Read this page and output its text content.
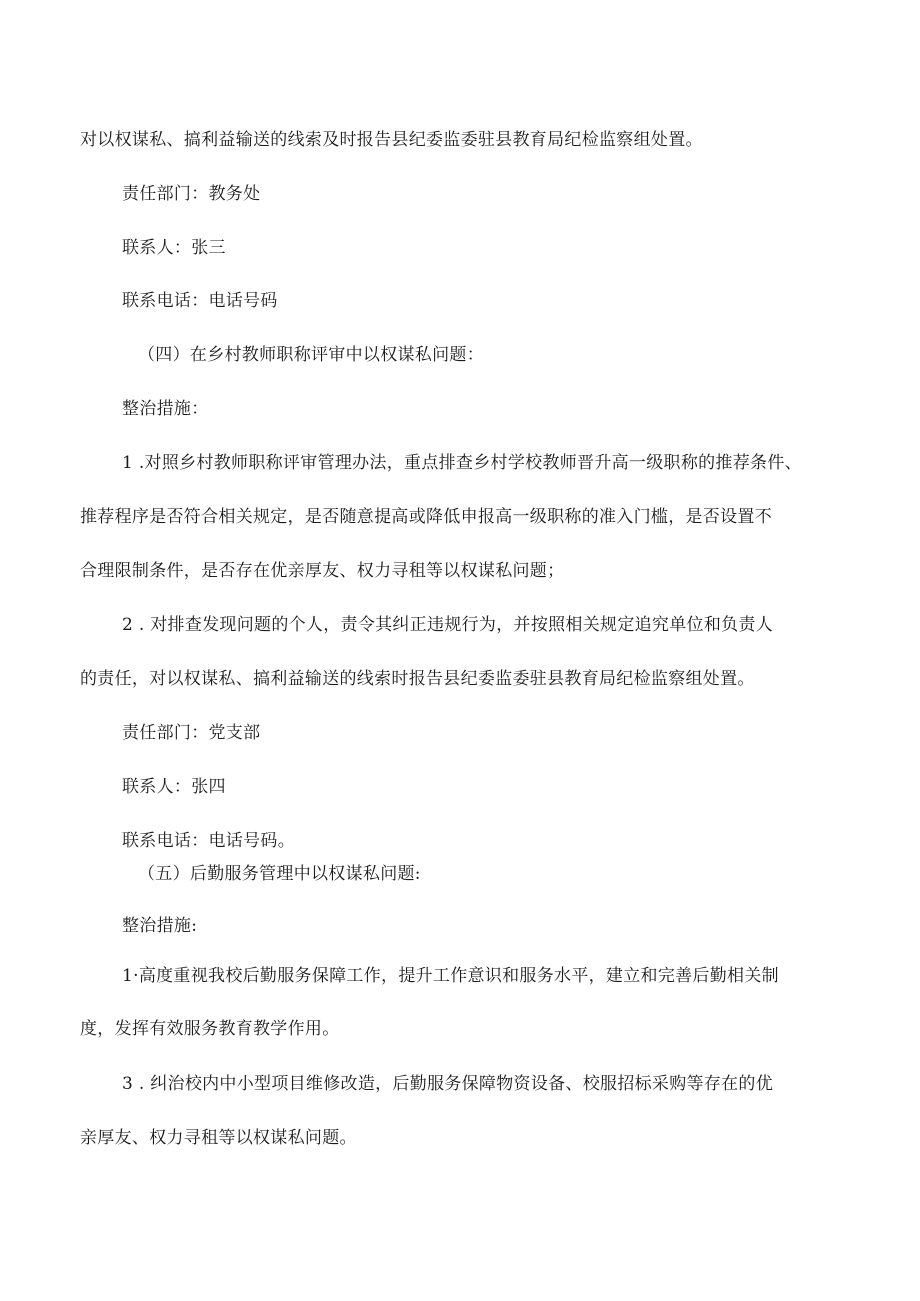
对以权谋私、搞利益输送的线索及时报告县纪委监委驻县教育局纪检监察组处置。
责任部门：教务处
联系人：张三
联系电话：电话号码
（四）在乡村教师职称评审中以权谋私问题：
整治措施：
1 .对照乡村教师职称评审管理办法，重点排查乡村学校教师晋升高一级职称的推荐条件、
推荐程序是否符合相关规定，是否随意提高或降低申报高一级职称的准入门槛，是否设置不
合理限制条件，是否存在优亲厚友、权力寻租等以权谋私问题；
2 . 对排查发现问题的个人，责令其纠正违规行为，并按照相关规定追究单位和负责人
的责任，对以权谋私、搞利益输送的线索时报告县纪委监委驻县教育局纪检监察组处置。
责任部门：党支部
联系人：张四
联系电话：电话号码。
（五）后勤服务管理中以权谋私问题:
整治措施:
1·高度重视我校后勤服务保障工作，提升工作意识和服务水平，建立和完善后勤相关制
度，发挥有效服务教育教学作用。
3 . 纠治校内中小型项目维修改造，后勤服务保障物资设备、校服招标采购等存在的优
亲厚友、权力寻租等以权谋私问题。
